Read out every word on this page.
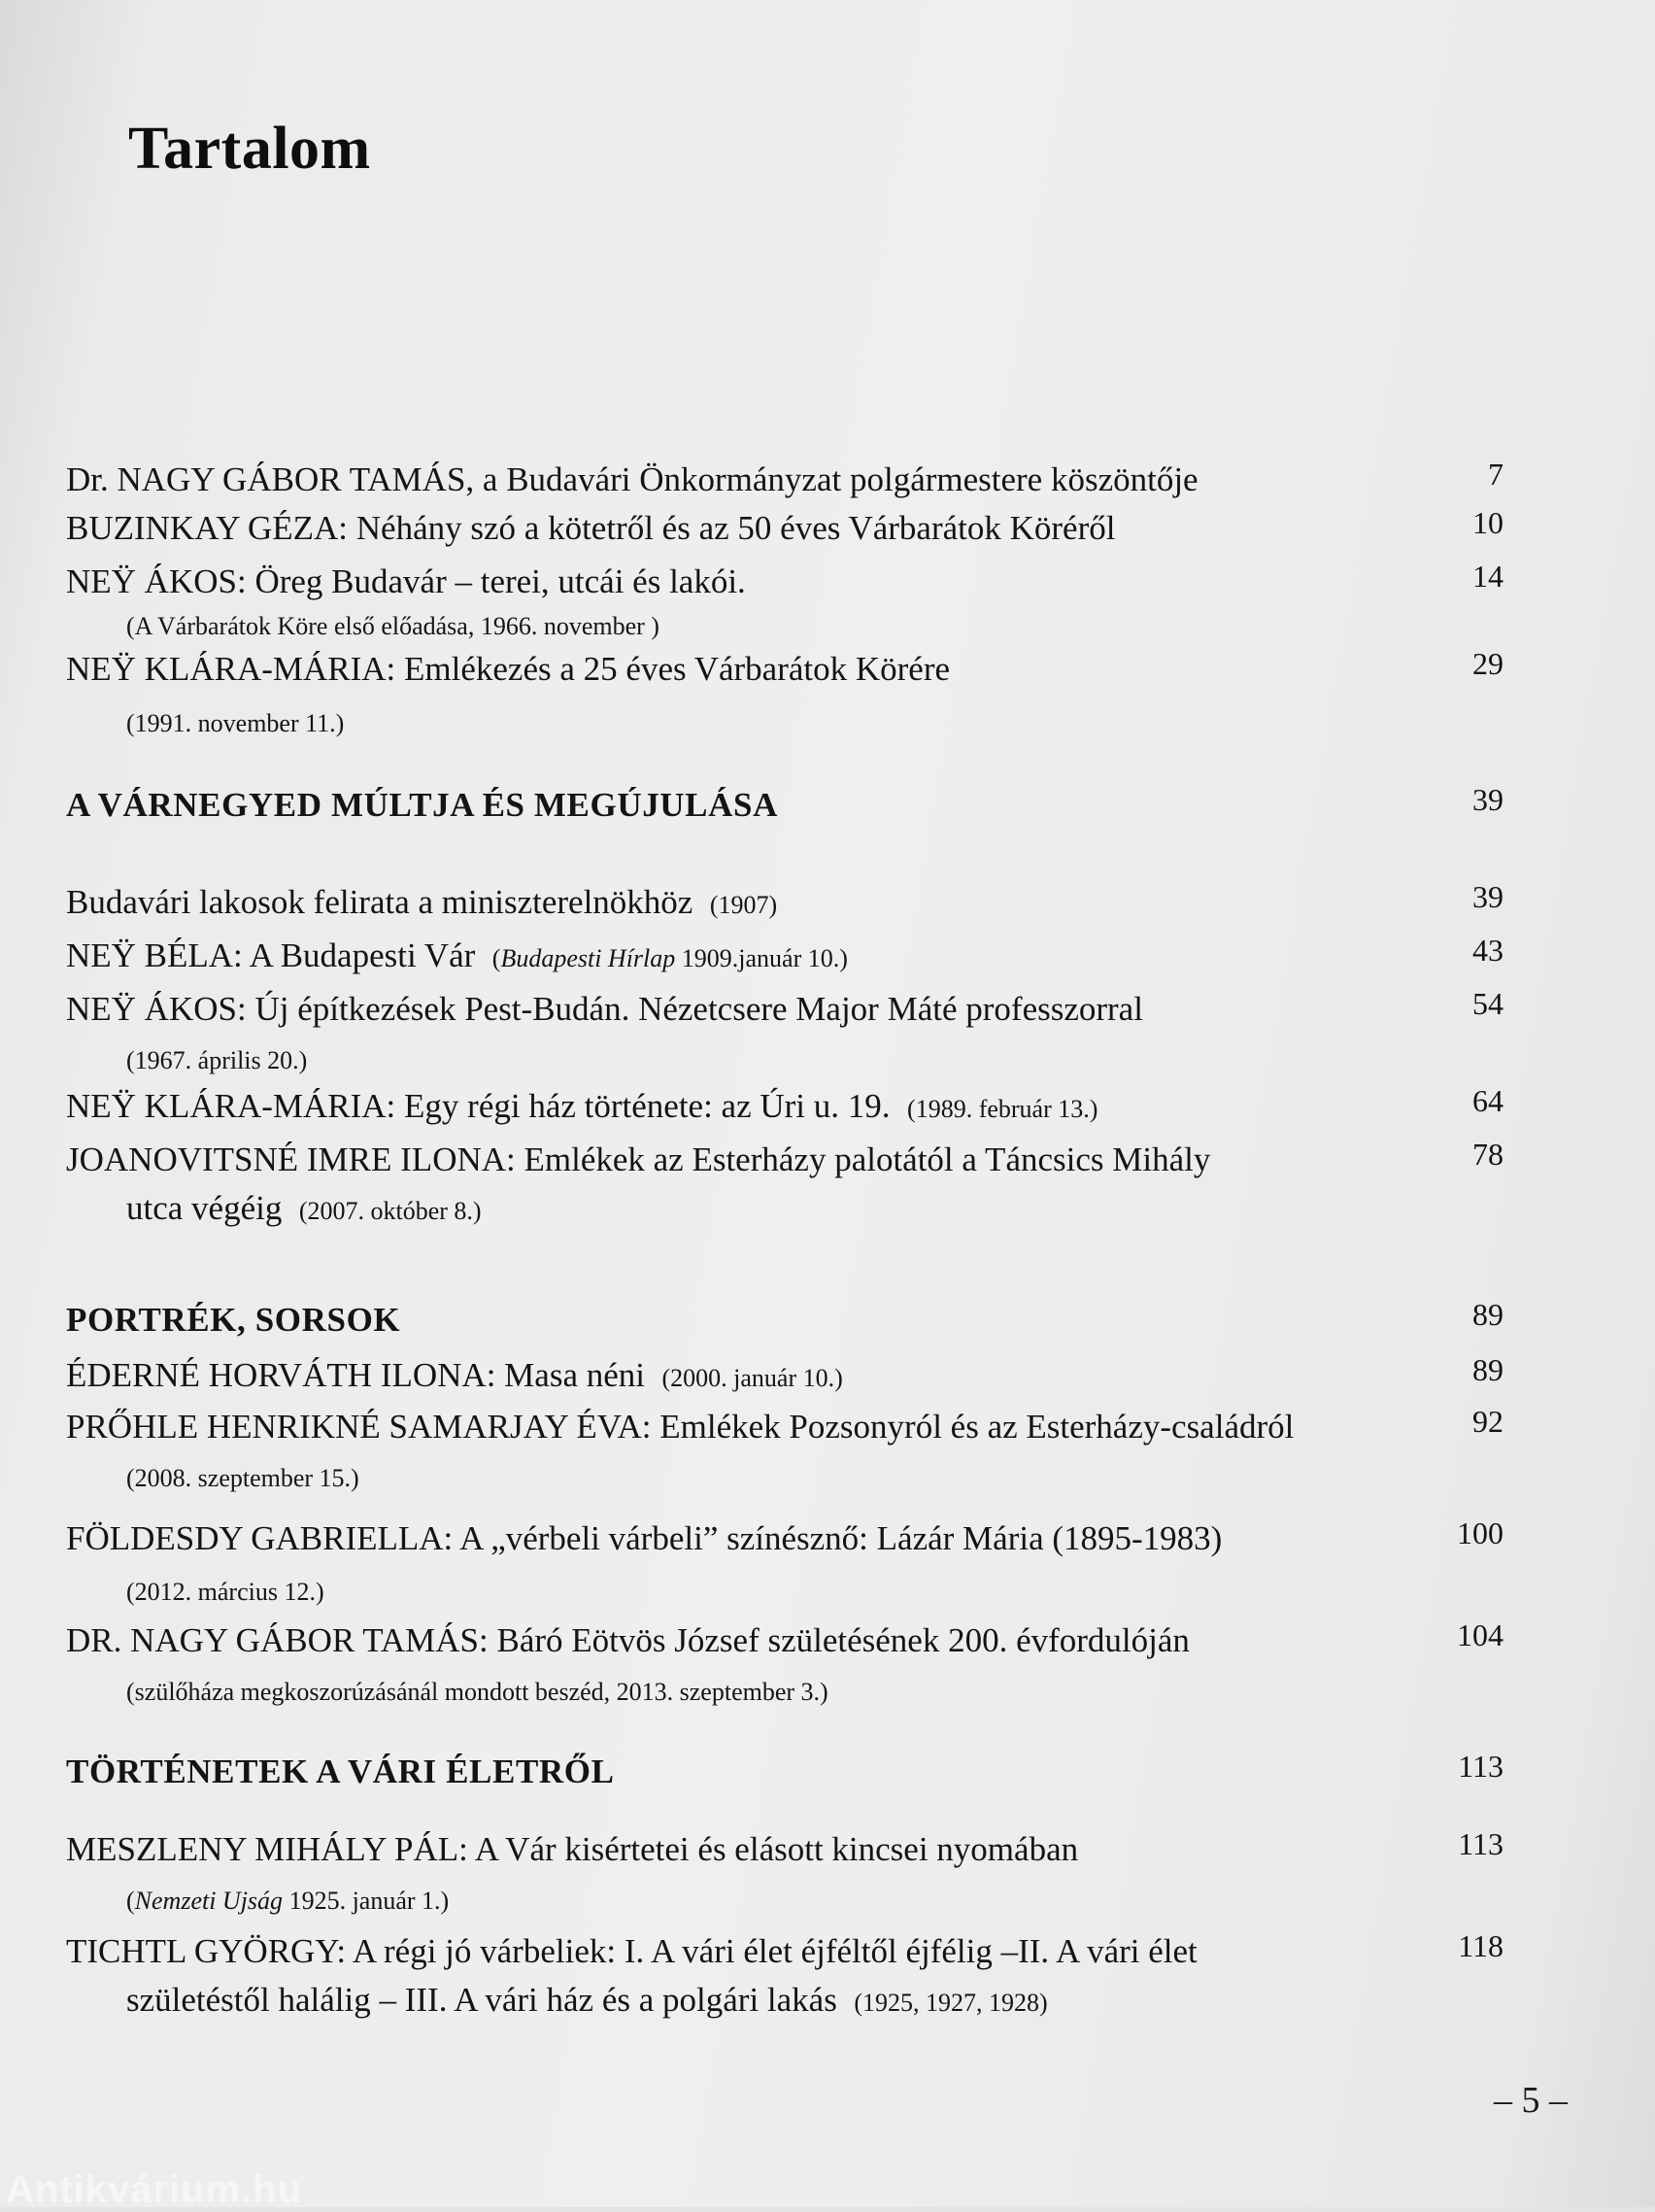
Tartalom
Dr. NAGY GÁBOR TAMÁS, a Budavári Önkormányzat polgármestere köszöntője	7
BUZINKAY GÉZA: Néhány szó a kötetről és az 50 éves Várbarátok Köréről	10
NEŸ ÁKOS: Öreg Budavár – terei, utcái és lakói.	14
(A Várbarátok Köre első előadása, 1966. november )
NEŸ KLÁRA-MÁRIA: Emlékezés a 25 éves Várbarátok Körére	29
(1991. november 11.)
A VÁRNEGYED MÚLTJA ÉS MEGÚJULÁSA	39
Budavári lakosok felirata a miniszterelnökhöz (1907)	39
NEŸ BÉLA: A Budapesti Vár (Budapesti Hírlap 1909.január 10.)	43
NEŸ ÁKOS: Új építkezések Pest-Budán. Nézetcsere Major Máté professzorral	54
(1967. április 20.)
NEŸ KLÁRA-MÁRIA: Egy régi ház története: az Úri u. 19. (1989. február 13.)	64
JOANOVITSNÉ IMRE ILONA: Emlékek az Esterházy palotától a Táncsics Mihály	78
utca végéig (2007. október 8.)
PORTRÉK, SORSOK	89
ÉDERNÉ HORVÁTH ILONA: Masa néni (2000. január 10.)	89
PRŐHLE HENRIKNÉ SAMARJAY ÉVA: Emlékek Pozsonyról és az Esterházy-családról	92
(2008. szeptember 15.)
FÖLDESDY GABRIELLA: A „vérbeli várbeli” színésznő: Lázár Mária (1895-1983)	100
(2012. március 12.)
DR. NAGY GÁBOR TAMÁS: Báró Eötvös József születésének 200. évfordulóján	104
(szülőháza megkoszorúzásánál mondott beszéd, 2013. szeptember 3.)
TÖRTÉNETEK A VÁRI ÉLETRŐL	113
MESZLENY MIHÁLY PÁL: A Vár kisértetei és elásott kincsei nyomában	113
(Nemzeti Ujság 1925. január 1.)
TICHTL GYÖRGY: A régi jó várbeliek: I. A vári élet éjféltől éjfélig –II. A vári élet	118
születéstől halálig – III. A vári ház és a polgári lakás (1925, 1927, 1928)
– 5 –
Antikvárium.hu
